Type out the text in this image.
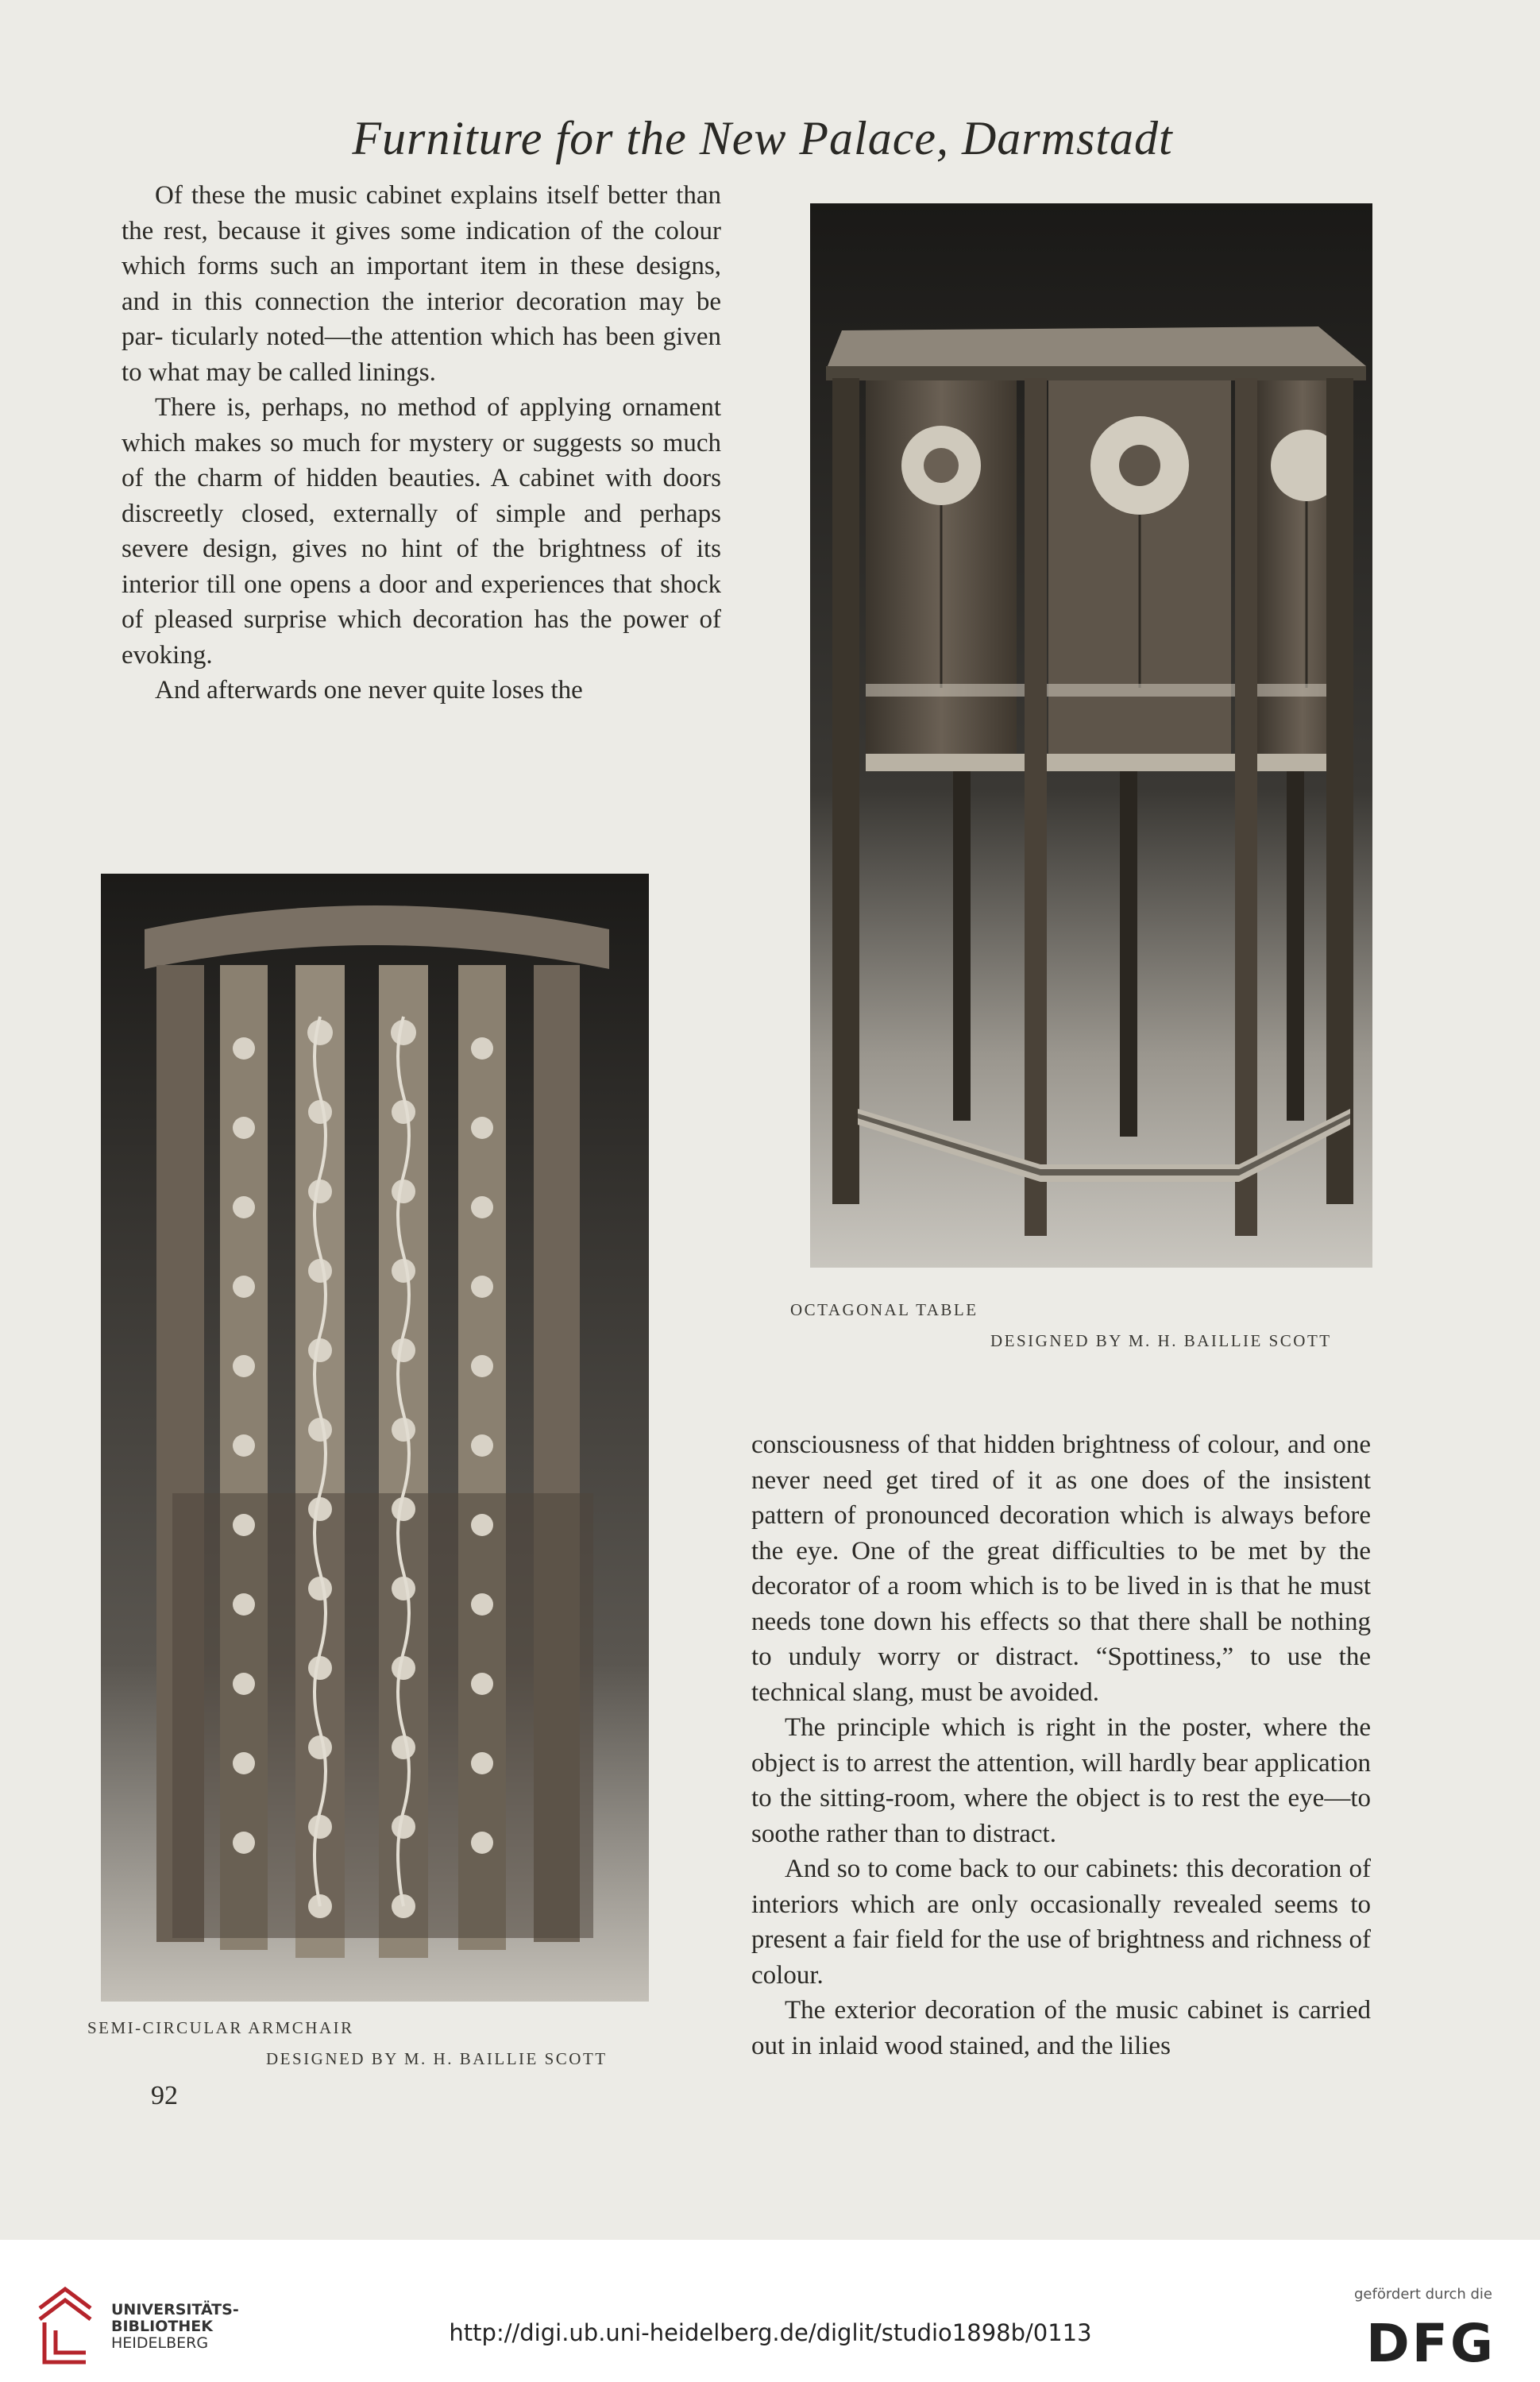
Furniture for the New Palace, Darmstadt

Of these the music cabinet explains itself better than the rest, because it gives some indication of the colour which forms such an important item in these designs, and in this connection the interior decoration may be par- ticularly noted—the attention which has been given to what may be called linings.

There is, perhaps, no method of applying ornament which makes so much for mystery or suggests so much of the charm of hidden beauties. A cabinet with doors discreetly closed, externally of simple and perhaps severe design, gives no hint of the brightness of its interior till one opens a door and experiences that shock of pleased surprise which decoration has the power of evoking.

And afterwards one never quite loses the

OCTAGONAL TABLE
DESIGNED BY M. H. BAILLIE SCOTT
SEMI-CIRCULAR ARMCHAIR
DESIGNED BY M. H. BAILLIE SCOTT
92

consciousness of that hidden brightness of colour, and one never need get tired of it as one does of the insistent pattern of pronounced decoration which is always before the eye. One of the great difficulties to be met by the decorator of a room which is to be lived in is that he must needs tone down his effects so that there shall be nothing to unduly worry or distract. “Spottiness,” to use the technical slang, must be avoided.

The principle which is right in the poster, where the object is to arrest the attention, will hardly bear application to the sitting-room, where the object is to rest the eye—to soothe rather than to distract.

And so to come back to our cabinets: this decoration of interiors which are only occasionally revealed seems to present a fair field for the use of brightness and richness of colour.

The exterior decoration of the music cabinet is carried out in inlaid wood stained, and the lilies

UNIVERSITÄTS-
BIBLIOTHEK
HEIDELBERG	http://digi.ub.uni-heidelberg.de/diglit/studio1898b/0113
gefördert durch die
DFG
